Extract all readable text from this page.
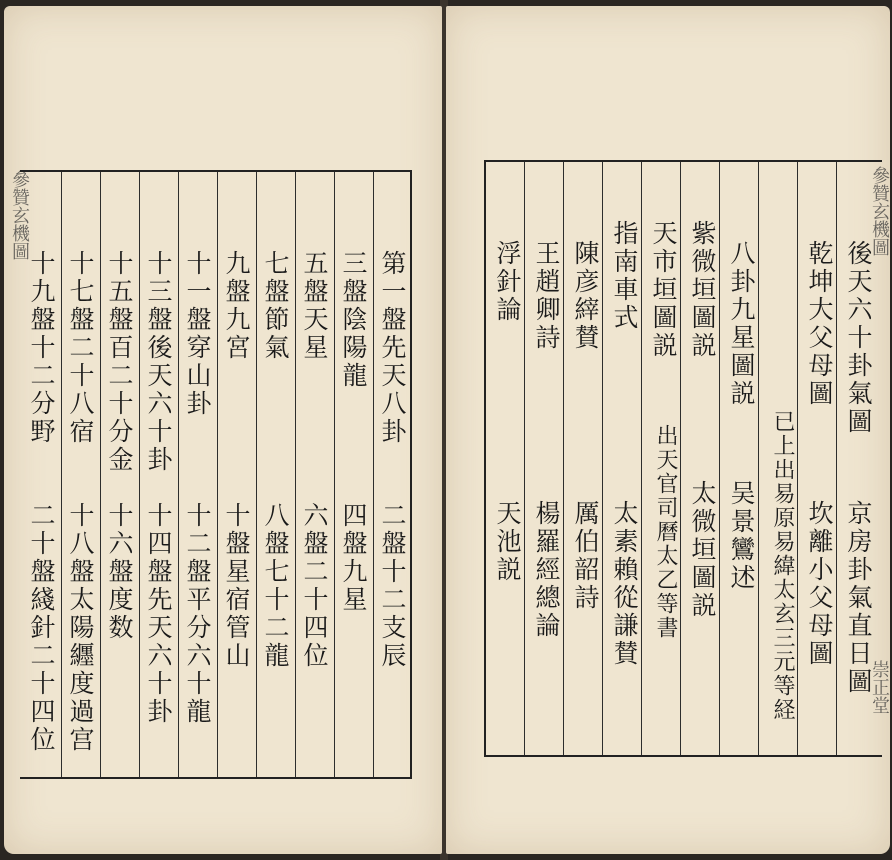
參贊玄機圖
第一盤先天八卦
二盤十二支辰
三盤陰陽龍
四盤九星
五盤天星
六盤二十四位
七盤節氣
八盤七十二龍
九盤九宮
十盤星宿管山
十一盤穿山卦
十二盤平分六十龍
十三盤後天六十卦
十四盤先天六十卦
十五盤百二十分金
十六盤度数
十七盤二十八宿
十八盤太陽纒度過宫
十九盤十二分野
二十盤綫針二十四位
參贊玄機圖
崇正堂
後天六十卦氣圖
京房卦氣直日圖
乾坤大父母圖
坎離小父母圖
已上出易原易緯太玄三元等経
八卦九星圖説
吴景鸞述
紫微垣圖説
太微垣圖説
天市垣圖説
出天官司曆太乙等書
指南車式
太素賴從謙賛
陳彦縡賛
厲伯韶詩
王趙卿詩
楊羅經總論
浮針論
天池説
